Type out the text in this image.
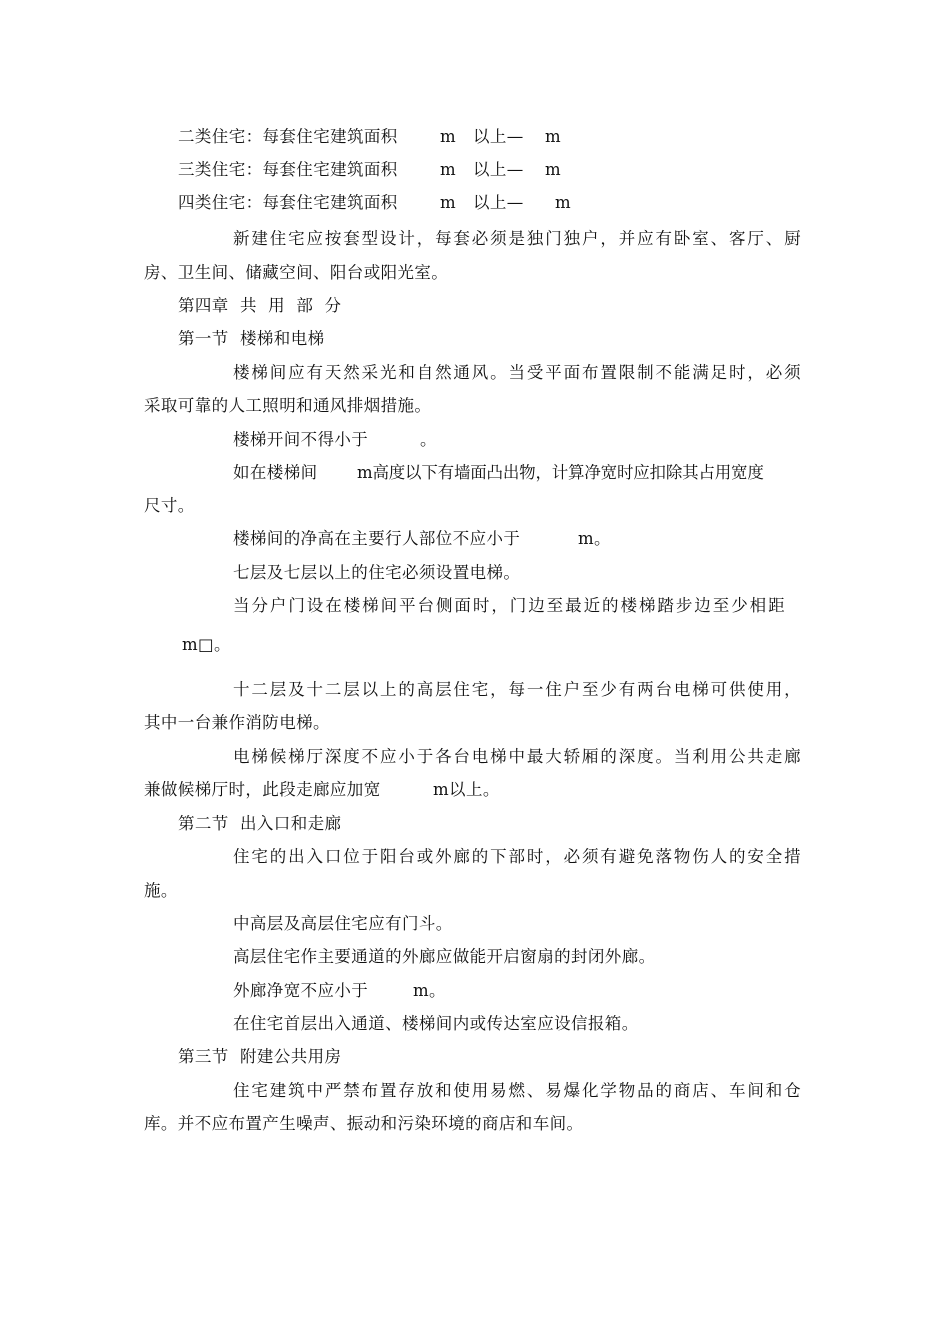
二类住宅：每套住宅建筑面积	m 以上— m
三类住宅：每套住宅建筑面积	m 以上— m
四类住宅：每套住宅建筑面积	m 以上— m
新建住宅应按套型设计，每套必须是独门独户，并应有卧室、客厅、厨
房、卫生间、储藏空间、阳台或阳光室。
第四章  共  用  部  分
第一节  楼梯和电梯
楼梯间应有天然采光和自然通风。当受平面布置限制不能满足时，必须
采取可靠的人工照明和通风排烟措施。
楼梯开间不得小于	。
如在楼梯间 m高度以下有墙面凸出物，计算净宽时应扣除其占用宽度
尺寸。
楼梯间的净高在主要行人部位不应小于	m。
七层及七层以上的住宅必须设置电梯。
当分户门设在楼梯间平台侧面时，门边至最近的楼梯踏步边至少相距
m□。
十二层及十二层以上的高层住宅，每一住户至少有两台电梯可供使用，
其中一台兼作消防电梯。
电梯候梯厅深度不应小于各台电梯中最大轿厢的深度。当利用公共走廊
兼做候梯厅时，此段走廊应加宽	m以上。
第二节  出入口和走廊
住宅的出入口位于阳台或外廊的下部时，必须有避免落物伤人的安全措
施。
中高层及高层住宅应有门斗。
高层住宅作主要通道的外廊应做能开启窗扇的封闭外廊。
外廊净宽不应小于	m。
在住宅首层出入通道、楼梯间内或传达室应设信报箱。
第三节  附建公共用房
住宅建筑中严禁布置存放和使用易燃、易爆化学物品的商店、车间和仓
库。并不应布置产生噪声、振动和污染环境的商店和车间。
